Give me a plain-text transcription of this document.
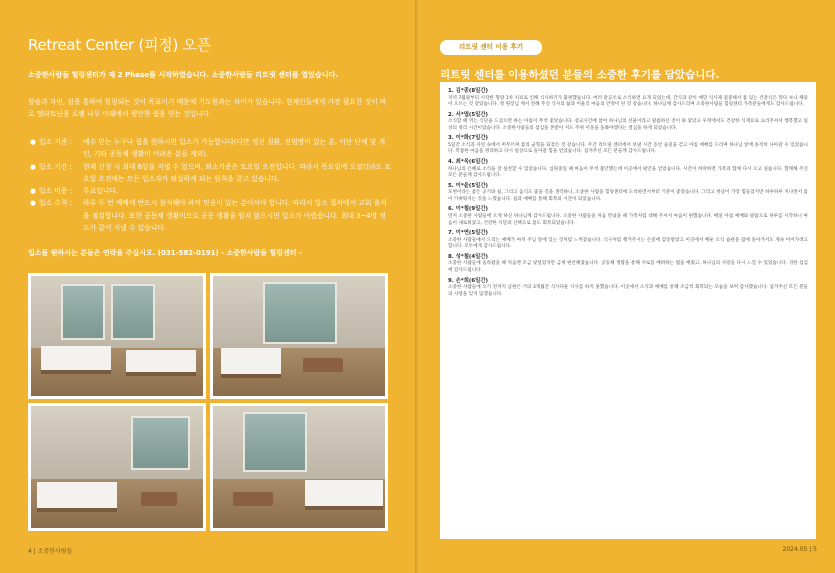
Retreat Center (피정) 오픈
소중한사람들 힐링센터가 제 2 Phase를 시작하였습니다. 소중한사람들 리트릿 센터를 열었습니다.
할숨과 자연, 쉼을 통하여 힐링되는 것이 목표이기 때문에 기도원과는 차이가 있습니다. 현재인들에게 가장 필요한 것이 바로 멜라토닌을 로렘 나무 아래에서 평안한 쉼을 얻는 것입니다.
● 입소 기준 :	예수 믿는 누구나 쉼을 원하시면 입소가 가능합니다(다만 정신 질환, 전염병이 있는 분, 이단 단체 및 개인, 기타 공동체 생활이 어려운 분들 제외).
● 입소 기간 :	현재 신청 시 최대 6일을 지낼 수 있으며, 퇴소기준은 토요일 오전입니다. 따라서 목요일에 오셨더라도 토요일 오전에는 모든 입소자가 퇴실하게 되는 원칙을 갖고 있습니다.
● 입소 비용 :	무료입니다.
● 입소 수칙 :	하루 두 번 예배에 반드시 참석해야 하며 믿음이 있는 분이셔야 합니다. 따라서 입소 절차에서 교회 출석을 점검합니다. 또한 공동체 생활이므로 공동 생활을 원치 않으시면 입소가 어렵습니다. 최대 3~4명 정도가 같이 지낼 수 있습니다.
입소를 원하시는 분들은 연락을 주십시오. (031-582-0191) - 소중한사람들 힐링센터 -
4 | 소중한사람들
리트릿 센터 이용 후기
리트릿 센터를 이용하셨던 분들의 소중한 후기를 담았습니다.
1. 김*종(8일간)
저녁 7월말부터 시작한 형량 1차 치료로 인해 식사하기가 불편했습니다. 여러 관공조로 소식하면 요게 되었는데, 간식과 같이 예민 식사제 집중해서 몸 있는 건강식은 먹다 보니 체중이 오르는 것 같았습니다. 정 원장님 께서 전해 주신 식사의 삶과 어울리 마음의 안정이 된 것 같습니다. 하나님께 감사드리며 소중한사람들 힐링센터 가족분들에게도 감사드립니다.
2. 서*엽(5일간)
소식할 때 먹는 식단을 드셨으면 하는 아침이 무척 좋았습니다. 설교시간에 참여 하나님의 선물이라고 말씀하신 것이 와 닿았고 우정에서도 건강한 식재료로 요리주셔서 행복했고 일상의 정리 시간이었습니다. 소중한사람들의 섬김을 본받아 저도 주위 이웃을 돌봐야겠다는 결심을 하게 되었습니다.
3. 이*화(7일간)
5일간 소식과 자연 속에서 머무르며 몸의 균형을 되찾은 것 같습니다. 주간 리트릿 센터에서 보낸 시간 동안 숲길을 걷고 아침 예배를 드리며 하나님 앞에 솔직히 나아갈 수 있었습니다. 복잡한 마음을 정리하고 다시 일상으로 돌아갈 힘을 얻었습니다. 섬겨주신 모든 분들께 감사드립니다.
4. 최*욱(6일간)
하나님의 은혜로 소식을 잘 실천할 수 있었습니다. 입원중일 때 마음이 무척 불안했는데 이곳에서 평안을 얻었습니다. 시간이 허락하면 가족과 함께 다시 오고 싶습니다. 함께해 주신 모든 분들께 감사드립니다.
5. 이*윤(5일간)
포천이라는 좋은 공기와 쉼, 그리고 음식도 좋을 것을 생각하니, 소중한 사람을 힐링센터에 도착하면서부터 기분이 좋았습니다. 그리고 첫날이 가장 힘들었지만 하루하루 지나면서 몸이 가벼워지는 것을 느꼈습니다. 쉼과 예배를 통해 회복의 시간이 되었습니다.
6. 이*철(9일간)
먼저 소중한 사람들에 오게 하신 하나님께 감사드립니다. 소중한 사람들을 처음 만났을 때 가족처럼 대해 주셔서 마음이 편했습니다. 매일 아침 예배와 말씀으로 하루를 시작하니 마음이 새로워졌고, 건강한 식단과 산책으로 몸도 회복되었습니다.
7. 이*연(5일간)
소중한 사람들에서 드리는 예배가 마치 주님 앞에 있는 것처럼 느껴졌습니다. 식구처럼 챙겨주시는 손길에 감동받았고 이곳에서 배운 소식 습관을 집에 돌아가서도 계속 이어가려고 합니다. 모두에게 감사드립니다.
8. 성*철(4일간)
소중한 사람들에 올라왔을 때 처음엔 조금 낯설었지만 금세 편안해졌습니다. 공동체 생활을 통해 서로를 배려하는 법을 배웠고, 하나님의 사랑을 다시 느낄 수 있었습니다. 귀한 섬김에 감사드립니다.
9. 손*희(6일간)
소중한 사람들에 오기 전까지 남편은 거의 3개월간 식사다운 식사를 하지 못했습니다. 이곳에서 소식과 예배를 통해 조금씩 회복되는 모습을 보며 감사했습니다. 섬겨주신 모든 분들의 사랑을 잊지 않겠습니다.
2024.05 | 5
